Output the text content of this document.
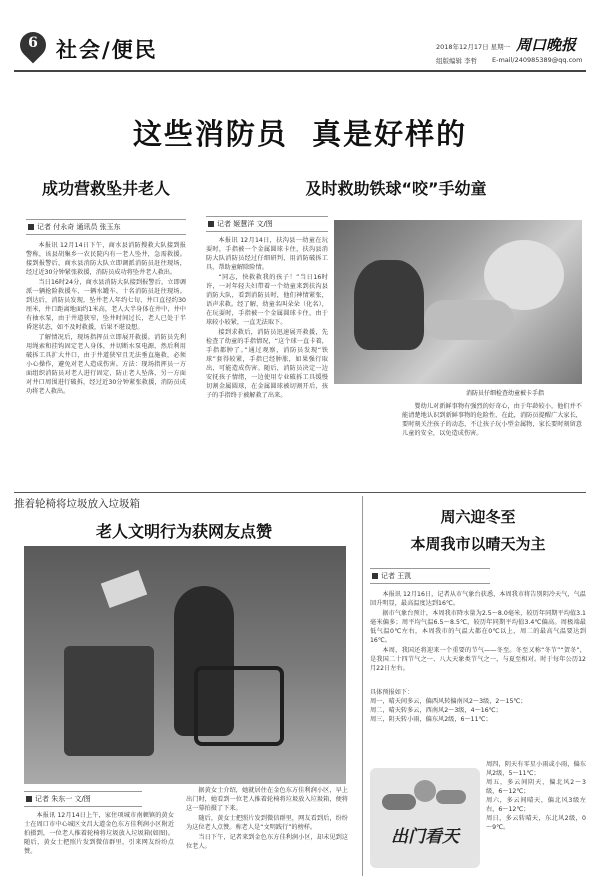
6 社会/便民	2018年12月17日 星期一 周口晚报
组版编辑 李哲 E-mail/240985389@qq.com
这些消防员  真是好样的
成功营救坠井老人
记者 付永奇 通讯员 张玉东

本报讯 12月14日下午，商水县消防搜救大队接到报警称，该县胡集乡一农民院内有一老人坠井，急需救援。接到报警后，商水县消防大队立即调派消防员赶往现场，经过近30分钟紧张救援，消防员成功将坠井老人救出。

当日16时24分，商水县消防大队接到报警后，立即调派一辆抢险救援车、一辆水罐车、十名消防员赶往现场。到达后，消防员发现，坠井老人年约七旬，井口直径约30厘米，井口距离地面约1米高，老人大半身体在井中，井中有抽水泵，由于井道狭窄，坠井时间过长，老人已处于半昏迷状态，如不及时救援，后果不堪设想。

了解情况后，现场指挥员立即展开救援。消防员先利用绳索和挂钩固定老人身体，并切断水泵电源，然后利用破拆工具扩大井口，由于井道狭窄且无法垂直施救，必须小心操作，避免对老人造成伤害。方法：现场指挥员一方面组织消防员对老人进行固定，防止老人坠落，另一方面对井口周围进行破拆，经过近30分钟紧张救援，消防员成功将老人救出。

及时救助铁球“咬”手幼童
记者 姬慧洋 文/图

本报讯 12月14日，扶沟县一幼童在玩耍时，手指被一个金属圆球卡住，扶沟县消防大队消防员经过仔细研判，用消防破拆工具，帮助童解除险情。

“同志，快救救我的孩子！”当日16时许，一对年轻夫妇带着一个幼童来到扶沟县消防大队，看到消防员时，他们神情紧张，语声求救。经了解，幼童名叫朵朵（化名），在玩耍时，手指被一个金属圆球卡住，由于球较小较紧，一直无法取下。

接到求救后，消防员迅速展开救援，先检查了幼童的手指情况，“这个球一直卡着，手指都肿了。”通过观察，消防员发现“铁球”套得较紧，手指已经肿胀，如果强行取出，可能造成伤害。随后，消防员决定一边安抚孩子情绪，一边使用专业破拆工具缓慢切割金属圆球，在金属圆球被切割开后，孩子的手指终于被解救了出来。	消防员仔细检查幼童被卡手指

婴幼儿对新鲜事物有强烈的好奇心，由于年龄较小，他们并不能清楚地认识到新鲜事物的危险性，在此，消防员提醒广大家长，要时刻关注孩子的动态，不让孩子玩小型金属物，家长要时刻留意儿童的安全，以免造成伤害。

推着轮椅将垃圾放入垃圾箱
老人文明行为获网友点赞
记者 朱东一 文/图

本报讯 12月14日上午，家住项城市南顿镇的黄女士在周口市中心城区文昌大道金色东方佳利润小区附近拍摄到，一位老人推着轮椅将垃圾放入垃圾箱(如图)。随后，黄女士把照片发到微信群里，引来网友纷纷点赞。

据黄女士介绍，她就居住在金色东方佳利润小区，早上出门时，她看到一位老人推着轮椅将垃圾放入垃圾箱，便将这一幕拍摄了下来。

随后，黄女士把照片发到微信群里，网友看到后，纷纷为这位老人点赞。称老人是“文明践行”的榜样。

当日下午，记者来到金色东方佳利润小区，却未见到这位老人。

周六迎冬至
本周我市以晴天为主
记者 王凯

本报讯 12月16日，记者从市气象台获悉，本周我市将告别阴冷天气，气温回升明显，最高温度达到16℃。

据市气象台预计，本周我市降水量为2.5～8.0毫米，较历年同期平均值3.1毫米偏多；周平均气温6.5～8.5℃，较历年同期平均值3.4℃偏高。周极端最低气温0℃左右，本周我市的气温大都在0℃以上，周二的最高气温要达到16℃。

本周，我国还将迎来一个重要的节气——冬至。冬至又称“冬节”“贺冬”，是我国二十四节气之一、八大天象类节气之一，与夏至相对。时于每年公历12月22日左右。

具体预报如下：
周一，晴天间多云，偏西风转偏南风2～3级，2～15℃；
周二，晴天转多云，西南风2～3级，4～16℃；
周三，阴天转小雨，偏东风2级，6～11℃；
出门看天
周四，阴天有零星小雨或小雨，偏东风2级，5～11℃；
周五，多云间阴天，偏北风2～3级，6～12℃；
周六，多云间晴天，偏北风3级左右，6～12℃；
周日，多云转晴天，东北风2级，0～9℃。
